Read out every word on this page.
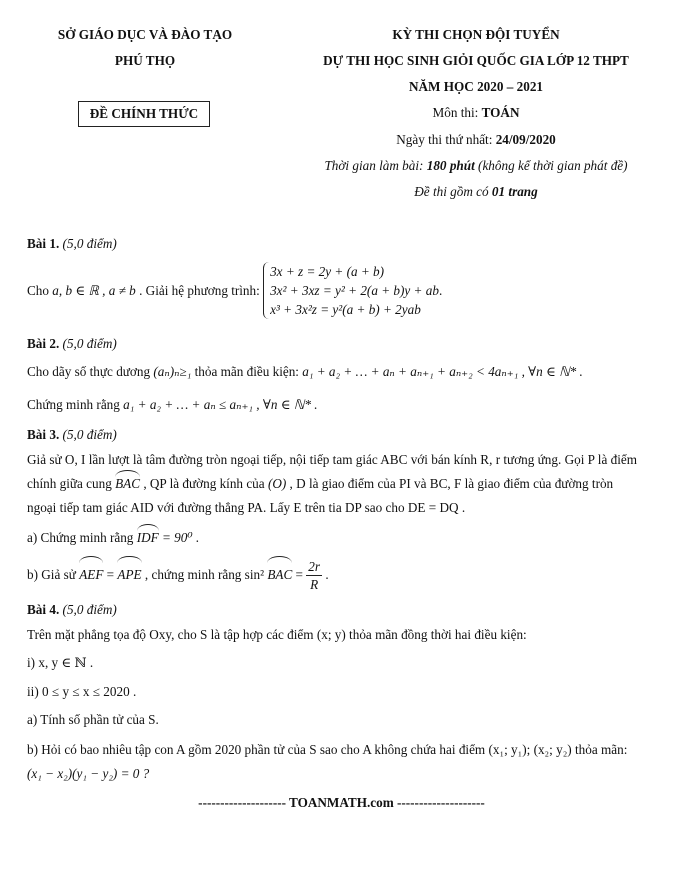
SỞ GIÁO DỤC VÀ ĐÀO TẠO
PHÚ THỌ
ĐỀ CHÍNH THỨC
KỲ THI CHỌN ĐỘI TUYỂN
DỰ THI HỌC SINH GIỎI QUỐC GIA LỚP 12 THPT
NĂM HỌC 2020 – 2021
Môn thi: TOÁN
Ngày thi thứ nhất: 24/09/2020
Thời gian làm bài: 180 phút (không kể thời gian phát đề)
Đề thi gồm có 01 trang
Bài 1. (5,0 điểm)
Cho a, b ∈ ℝ , a ≠ b . Giải hệ phương trình:
3x + z = 2y + (a + b)
3x² + 3xz = y² + 2(a + b)y + ab
x³ + 3x²z = y²(a + b) + 2yab
.
Bài 2. (5,0 điểm)
Cho dãy số thực dương (aₙ)ₙ≥₁ thỏa mãn điều kiện: a₁ + a₂ + … + aₙ + aₙ₊₁ + aₙ₊₂ < 4aₙ₊₁ , ∀n ∈ ℕ* .
Chứng minh rằng a₁ + a₂ + … + aₙ ≤ aₙ₊₁ , ∀n ∈ ℕ* .
Bài 3. (5,0 điểm)
Giả sử O, I lần lượt là tâm đường tròn ngoại tiếp, nội tiếp tam giác ABC với bán kính R, r tương ứng. Gọi P là điểm
chính giữa cung BAC , QP là đường kính của (O) , D là giao điểm của PI và BC, F là giao điểm của đường tròn
ngoại tiếp tam giác AID với đường thẳng PA. Lấy E trên tia DP sao cho DE = DQ .
a) Chứng minh rằng IDF = 90⁰ .
b) Giả sử AEF = APE , chứng minh rằng sin² BAC = $\frac{2r}{R}$ .
Bài 4. (5,0 điểm)
Trên mặt phẳng tọa độ Oxy, cho S là tập hợp các điểm (x; y) thỏa mãn đồng thời hai điều kiện:
i) x, y ∈ ℕ .
ii) 0 ≤ y ≤ x ≤ 2020 .
a) Tính số phần tử của S.
b) Hỏi có bao nhiêu tập con A gồm 2020 phần tử của S sao cho A không chứa hai điểm (x₁; y₁); (x₂; y₂) thỏa mãn:
(x₁ − x₂)(y₁ − y₂) = 0 ?
-------------------- TOANMATH.com --------------------
